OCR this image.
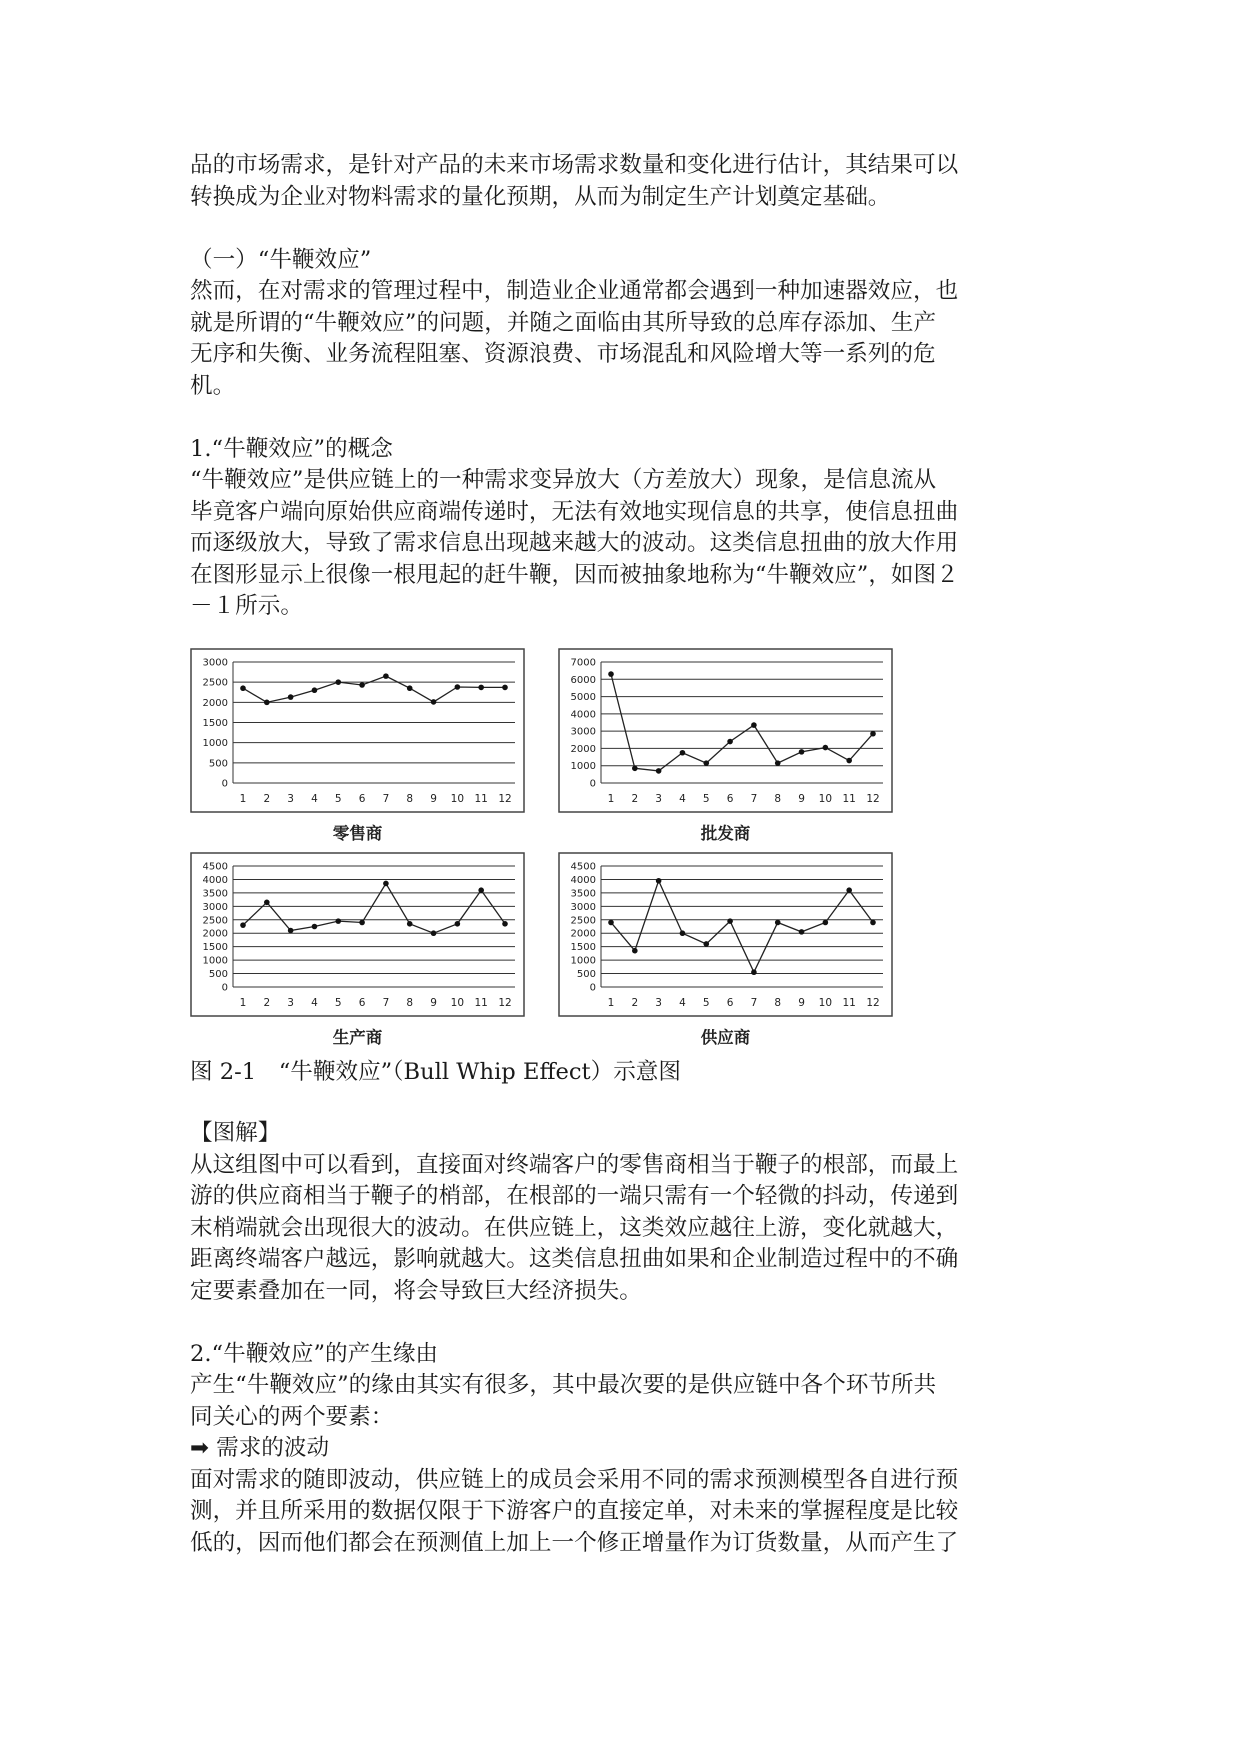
品的市场需求，是针对产品的未来市场需求数量和变化进行估计，其结果可以

转换成为企业对物料需求的量化预期，从而为制定生产计划奠定基础。

（一）“牛鞭效应”

然而，在对需求的管理过程中，制造业企业通常都会遇到一种加速器效应，也

就是所谓的“牛鞭效应”的问题，并随之面临由其所导致的总库存添加、生产

无序和失衡、业务流程阻塞、资源浪费、市场混乱和风险增大等一系列的危

机。

1.“牛鞭效应”的概念

“牛鞭效应”是供应链上的一种需求变异放大（方差放大）现象，是信息流从

毕竟客户端向原始供应商端传递时，无法有效地实现信息的共享，使信息扭曲

而逐级放大，导致了需求信息出现越来越大的波动。这类信息扭曲的放大作用

在图形显示上很像一根甩起的赶牛鞭，因而被抽象地称为“牛鞭效应”，如图２

－１所示。

0
500
1000
1500
2000
2500
3000
1 2 3 4 5 6 7 8 9 10 11 12
零售商
0
1000
2000
3000
4000
5000
6000
7000
1 2 3 4 5 6 7 8 9 10 11 12
批发商
0
500
1000
1500
2000
2500
3000
3500
4000
4500
1 2 3 4 5 6 7 8 9 10 11 12
生产商
0
500
1000
1500
2000
2500
3000
3500
4000
4500
1 2 3 4 5 6 7 8 9 10 11 12
供应商
图 2-1　“牛鞭效应”（Bull Whip Effect）示意图

【图解】

从这组图中可以看到，直接面对终端客户的零售商相当于鞭子的根部，而最上

游的供应商相当于鞭子的梢部，在根部的一端只需有一个轻微的抖动，传递到

末梢端就会出现很大的波动。在供应链上，这类效应越往上游，变化就越大，

距离终端客户越远，影响就越大。这类信息扭曲如果和企业制造过程中的不确

定要素叠加在一同，将会导致巨大经济损失。

2.“牛鞭效应”的产生缘由

产生“牛鞭效应”的缘由其实有很多，其中最次要的是供应链中各个环节所共

同关心的两个要素：

➡ 需求的波动

面对需求的随即波动，供应链上的成员会采用不同的需求预测模型各自进行预

测，并且所采用的数据仅限于下游客户的直接定单，对未来的掌握程度是比较

低的，因而他们都会在预测值上加上一个修正增量作为订货数量，从而产生了
